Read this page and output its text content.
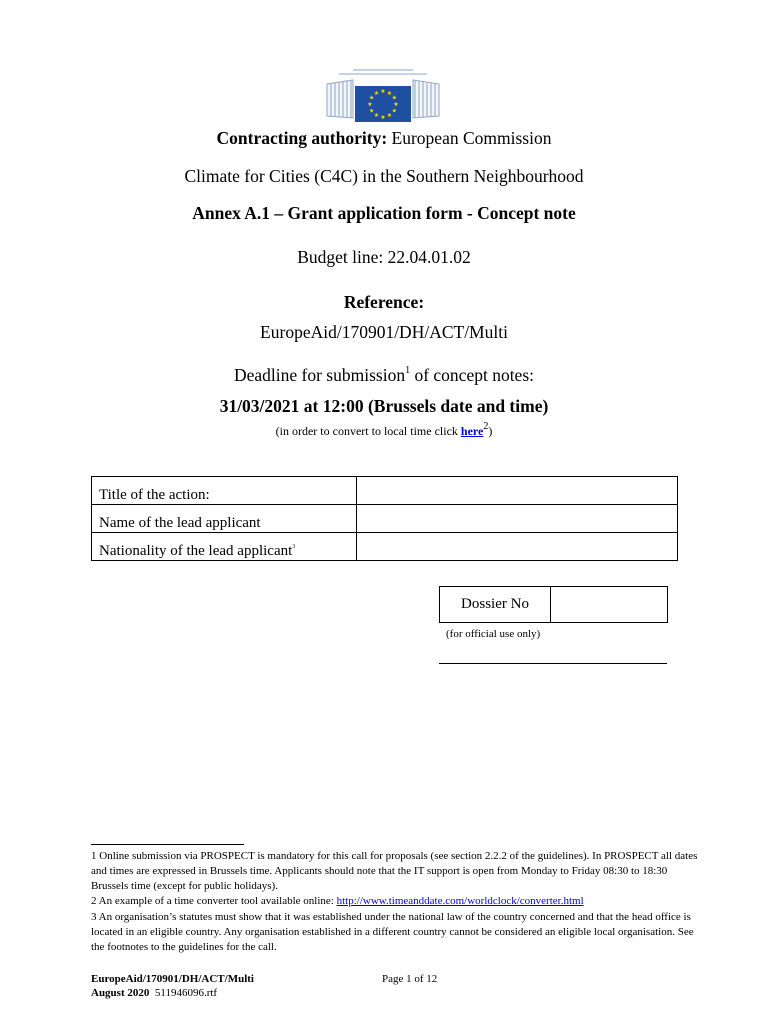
★ ★
★
★
★
★
★
★
★
★
★
★
Contracting authority: European Commission
Climate for Cities (C4C) in the Southern Neighbourhood
Annex A.1 – Grant application form - Concept note
Budget line: 22.04.01.02
Reference:
EuropeAid/170901/DH/ACT/Multi
Deadline for submission$^1$ of concept notes:
31/03/2021 at 12:00 (Brussels date and time)
(in order to convert to local time click here$^2$)
Title of the action:	
Name of the lead applicant	
Nationality of the lead applicant$^3$	
Dossier No	
(for official use only)
1 Online submission via PROSPECT is mandatory for this call for proposals (see section 2.2.2 of the guidelines). In PROSPECT all dates and times are expressed in Brussels time. Applicants should note that the IT support is open from Monday to Friday 08:30 to 18:30 Brussels time (except for public holidays).
2 An example of a time converter tool available online: http://www.timeanddate.com/worldclock/converter.html
3 An organisation’s statutes must show that it was established under the national law of the country concerned and that the head office is located in an eligible country. Any organisation established in a different country cannot be considered an eligible local organisation. See the footnotes to the guidelines for the call.
EuropeAid/170901/DH/ACT/Multi
August 2020 511946096.rtf
Page 1 of 12
